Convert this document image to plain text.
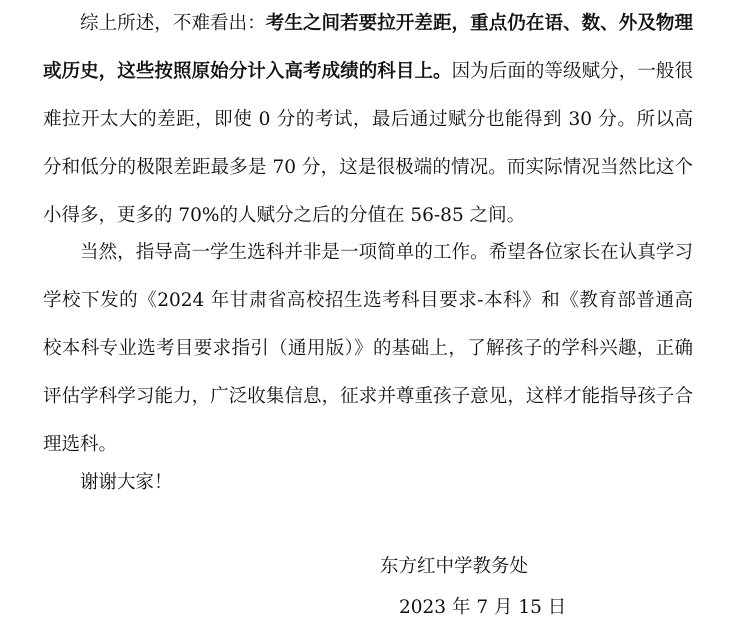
综上所述，不难看出：考生之间若要拉开差距，重点仍在语、数、外及物理或历史，这些按照原始分计入高考成绩的科目上。因为后面的等级赋分，一般很难拉开太大的差距，即使 0 分的考试，最后通过赋分也能得到 30 分。所以高分和低分的极限差距最多是 70 分，这是很极端的情况。而实际情况当然比这个小得多，更多的 70%的人赋分之后的分值在 56-85 之间。

当然，指导高一学生选科并非是一项简单的工作。希望各位家长在认真学习学校下发的《2024 年甘肃省高校招生选考科目要求-本科》和《教育部普通高校本科专业选考目要求指引（通用版）》的基础上，了解孩子的学科兴趣，正确评估学科学习能力，广泛收集信息，征求并尊重孩子意见，这样才能指导孩子合理选科。

谢谢大家！

东方红中学教务处
2023 年 7 月 15 日
